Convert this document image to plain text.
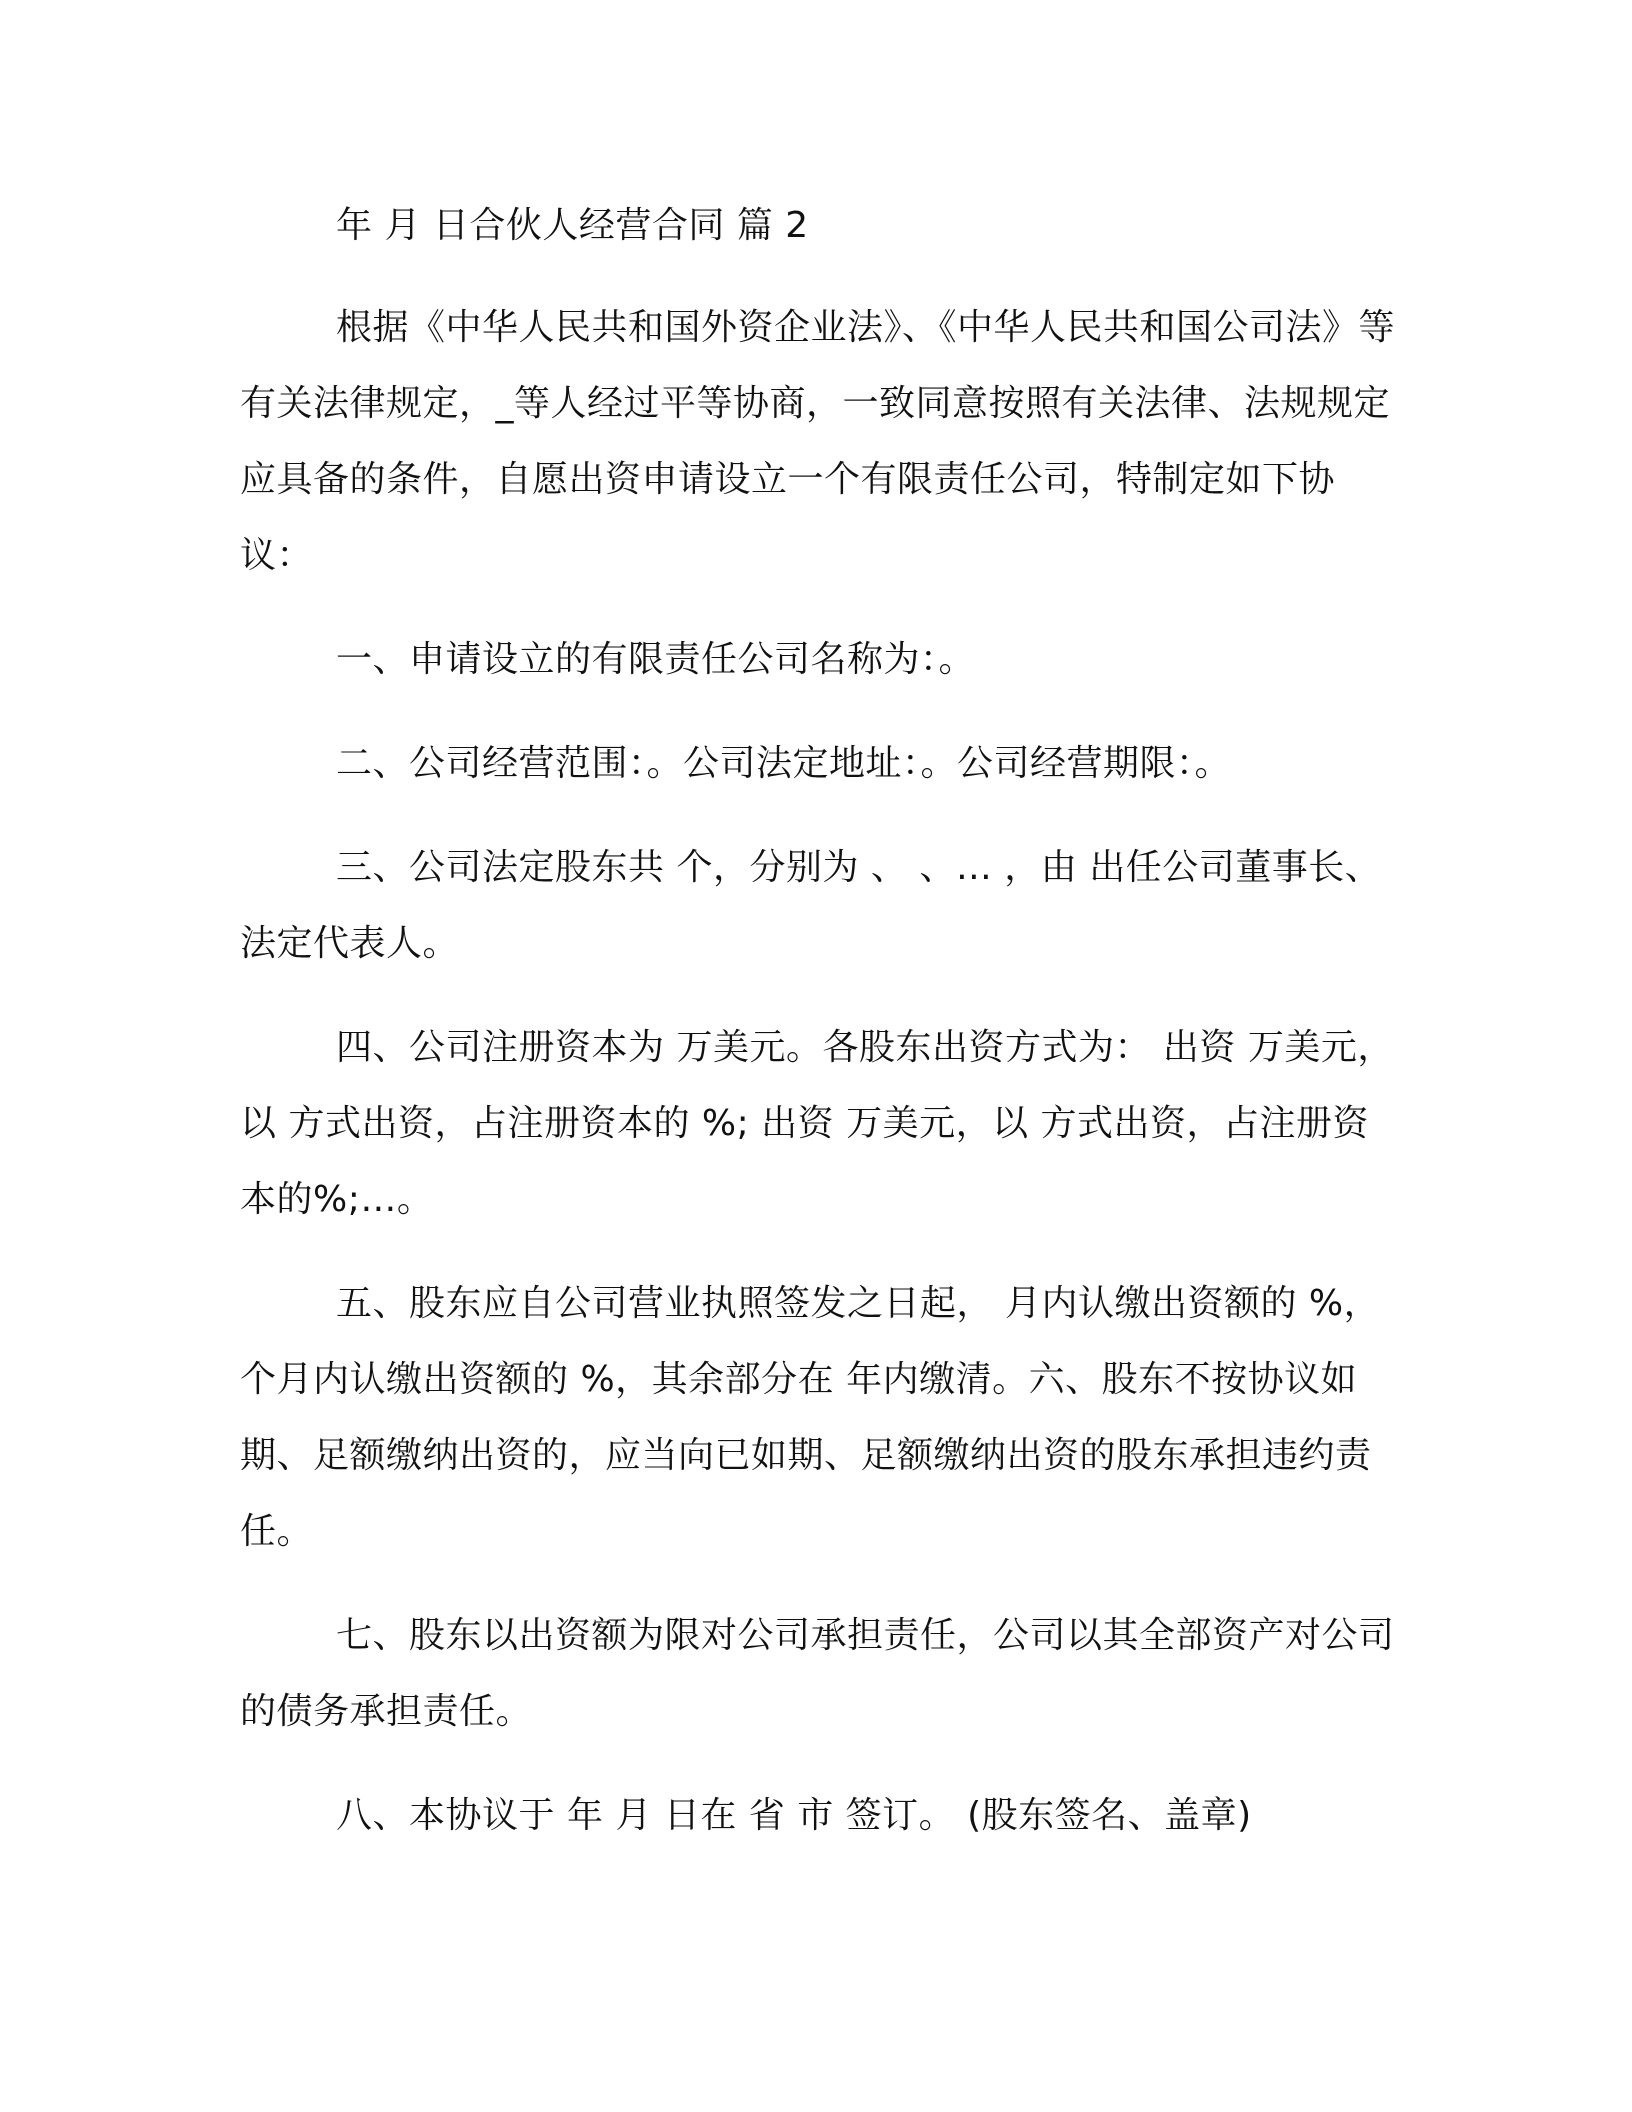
年 月 日合伙人经营合同 篇 2

根据《中华人民共和国外资企业法》、《中华人民共和国公司法》等有关法律规定，_等人经过平等协商，一致同意按照有关法律、法规规定应具备的条件，自愿出资申请设立一个有限责任公司，特制定如下协议：

一、申请设立的有限责任公司名称为：。

二、公司经营范围：。公司法定地址：。公司经营期限：。

三、公司法定股东共 个，分别为 、 、… ，由 出任公司董事长、法定代表人。

四、公司注册资本为 万美元。各股东出资方式为： 出资 万美元，以 方式出资，占注册资本的 %; 出资 万美元，以 方式出资，占注册资本的%;…。

五、股东应自公司营业执照签发之日起， 月内认缴出资额的 %， 个月内认缴出资额的 %，其余部分在 年内缴清。六、股东不按协议如期、足额缴纳出资的，应当向已如期、足额缴纳出资的股东承担违约责任。

七、股东以出资额为限对公司承担责任，公司以其全部资产对公司的债务承担责任。

八、本协议于 年 月 日在 省 市 签订。 (股东签名、盖章)
